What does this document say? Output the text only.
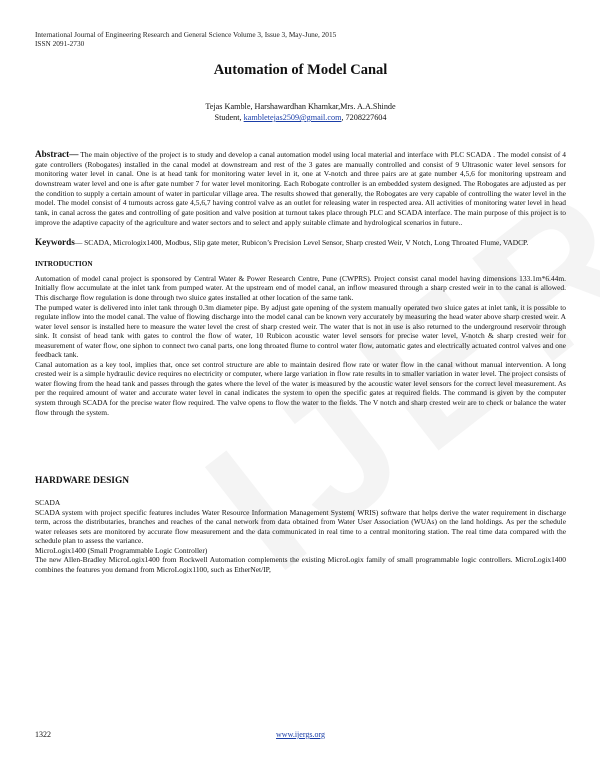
International Journal of Engineering Research and General Science Volume 3, Issue 3, May-June, 2015
ISSN 2091-2730
Automation of Model Canal
Tejas Kamble, Harshawardhan Khamkar,Mrs. A.A.Shinde
Student, kambletejas2509@gmail.com, 7208227604
Abstract— The main objective of the project is to study and develop a canal automation model using local material and interface with PLC SCADA . The model consist of 4 gate controllers (Robogates) installed in the canal model at downstream and rest of the 3 gates are manually controlled and consist of 9 Ultrasonic water level sensors for monitoring water level in canal. One is at head tank for monitoring water level in it, one at V-notch and three pairs are at gate number 4,5,6 for monitoring upstream and downstream water level and one is after gate number 7 for water level monitoring. Each Robogate controller is an embedded system designed. The Robogates are adjusted as per the condition to supply a certain amount of water in particular village area. The results showed that generally, the Robogates are very capable of controlling the water level in the model. The model consist of 4 turnouts across gate 4,5,6,7 having control valve as an outlet for releasing water in respected area. All activities of monitoring water level in head tank, in canal across the gates and controlling of gate position and valve position at turnout takes place through PLC and SCADA interface. The main purpose of this project is to improve the adaptive capacity of the agriculture and water sectors and to select and apply suitable climate and hydrological scenarios in future..
Keywords— SCADA, Micrologix1400, Modbus, Slip gate meter, Rubicon’s Precision Level Sensor, Sharp crested Weir, V Notch, Long Throated Flume, VADCP.
INTRODUCTION

Automation of model canal project is sponsored by Central Water & Power Research Centre, Pune (CWPRS). Project consist canal model having dimensions 133.1m*6.44m. Initially flow accumulate at the inlet tank from pumped water. At the upstream end of model canal, an inflow measured through a sharp crested weir in to the canal is allowed. This discharge flow regulation is done through two sluice gates installed at other location of the same tank.

The pumped water is delivered into inlet tank through 0.3m diameter pipe. By adjust gate opening of the system manually operated two sluice gates at inlet tank, it is possible to regulate inflow into the model canal. The value of flowing discharge into the model canal can be known very accurately by measuring the head water above sharp crested weir. A water level sensor is installed here to measure the water level the crest of sharp crested weir. The water that is not in use is also returned to the underground reservoir through sink. It consist of head tank with gates to control the flow of water, 10 Rubicon acoustic water level sensors for precise water level, V-notch & sharp crested weir for measurement of water flow, one siphon to connect two canal parts, one long throated flume to control water flow, automatic gates and electrically actuated control valves and one feedback tank.

Canal automation as a key tool, implies that, once set control structure are able to maintain desired flow rate or water flow in the canal without manual intervention. A long crested weir is a simple hydraulic device requires no electricity or computer, where large variation in flow rate results in to smaller variation in water level. The project consists of water flowing from the head tank and passes through the gates where the level of the water is measured by the acoustic water level sensors for the correct level measurement. As per the required amount of water and accurate water level in canal indicates the system to open the specific gates at required fields. The command is given by the computer system through SCADA for the precise water flow required. The valve opens to flow the water to the fields. The V notch and sharp crested weir are to check or balance the water flow through the system.

HARDWARE DESIGN

SCADA

SCADA system with project specific features includes Water Resource Information Management System( WRIS) software that helps derive the water requirement in discharge term, across the distributaries, branches and reaches of the canal network from data obtained from Water User Association (WUAs) on the land holdings. As per the schedule water releases sets are monitored by accurate flow measurement and the data communicated in real time to a central monitoring station. The real time data compared with the schedule plan to assess the variance.

MicroLogix1400 (Small Programmable Logic Controller)

The new Allen-Bradley MicroLogix1400 from Rockwell Automation complements the existing MicroLogix family of small programmable logic controllers. MicroLogix1400 combines the features you demand from MicroLogix1100, such as EtherNet/IP,

1322	www.ijergs.org
